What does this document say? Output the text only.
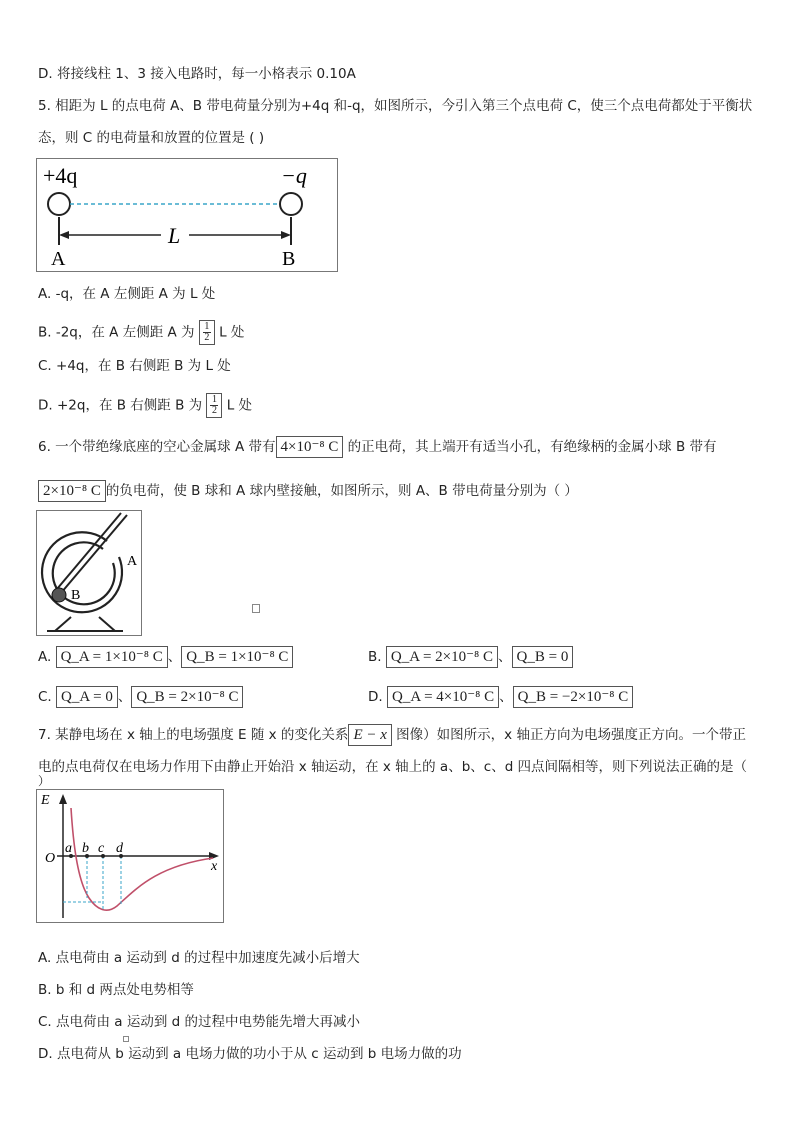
D. 将接线柱 1、3 接入电路时，每一小格表示 0.10A
5. 相距为 L 的点电荷 A、B 带电荷量分别为+4q 和-q，如图所示，今引入第三个点电荷 C，使三个点电荷都处于平衡状
态，则 C 的电荷量和放置的位置是 ( )
+4q	−q
L
A	B
A. -q，在 A 左侧距 A 为 L 处
B. -2q，在 A 左侧距 A 为 $\frac{1}{2}$ L 处
C. +4q，在 B 右侧距 B 为 L 处
D. +2q，在 B 右侧距 B 为 $\frac{1}{2}$ L 处
6. 一个带绝缘底座的空心金属球 A 带有 4×10⁻⁸ C 的正电荷，其上端开有适当小孔，有绝缘柄的金属小球 B 带有
2×10⁻⁸ C 的负电荷，使 B 球和 A 球内壁接触，如图所示，则 A、B 带电荷量分别为（ ）
A
B
A. Q_A = 1×10⁻⁸ C 、 Q_B = 1×10⁻⁸ C	B. Q_A = 2×10⁻⁸ C 、 Q_B = 0
C. Q_A = 0 、 Q_B = 2×10⁻⁸ C	D. Q_A = 4×10⁻⁸ C 、 Q_B = −2×10⁻⁸ C
7. 某静电场在 x 轴上的电场强度 E 随 x 的变化关系 E − x 图像）如图所示，x 轴正方向为电场强度正方向。一个带正
电的点电荷仅在电场力作用下由静止开始沿 x 轴运动，在 x 轴上的 a、b、c、d 四点间隔相等，则下列说法正确的是（
）
E
x
O
a b c d
A. 点电荷由 a 运动到 d 的过程中加速度先减小后增大
B. b 和 d 两点处电势相等
C. 点电荷由 a 运动到 d 的过程中电势能先增大再减小
D. 点电荷从 b 运动到 a 电场力做的功小于从 c 运动到 b 电场力做的功
